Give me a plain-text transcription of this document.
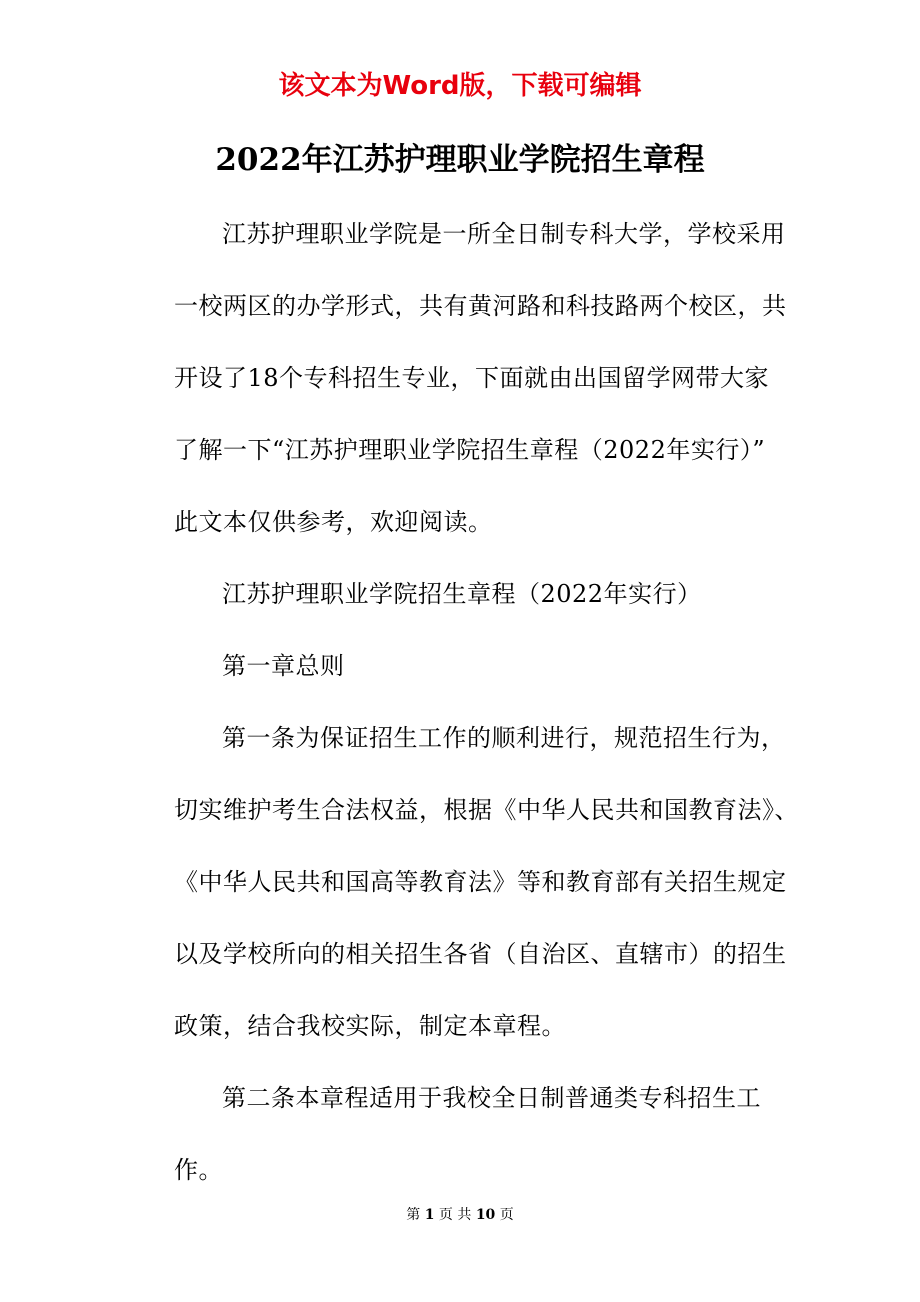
该文本为Word版，下载可编辑
2022年江苏护理职业学院招生章程
江苏护理职业学院是一所全日制专科大学，学校采用
一校两区的办学形式，共有黄河路和科技路两个校区，共
开设了18个专科招生专业，下面就由出国留学网带大家
了解一下“江苏护理职业学院招生章程（2022年实行）”
此文本仅供参考，欢迎阅读。
江苏护理职业学院招生章程（2022年实行）
第一章总则
第一条为保证招生工作的顺利进行，规范招生行为，
切实维护考生合法权益，根据《中华人民共和国教育法》、
《中华人民共和国高等教育法》等和教育部有关招生规定
以及学校所向的相关招生各省（自治区、直辖市）的招生
政策，结合我校实际，制定本章程。
第二条本章程适用于我校全日制普通类专科招生工
作。
第 1 页 共 10 页
